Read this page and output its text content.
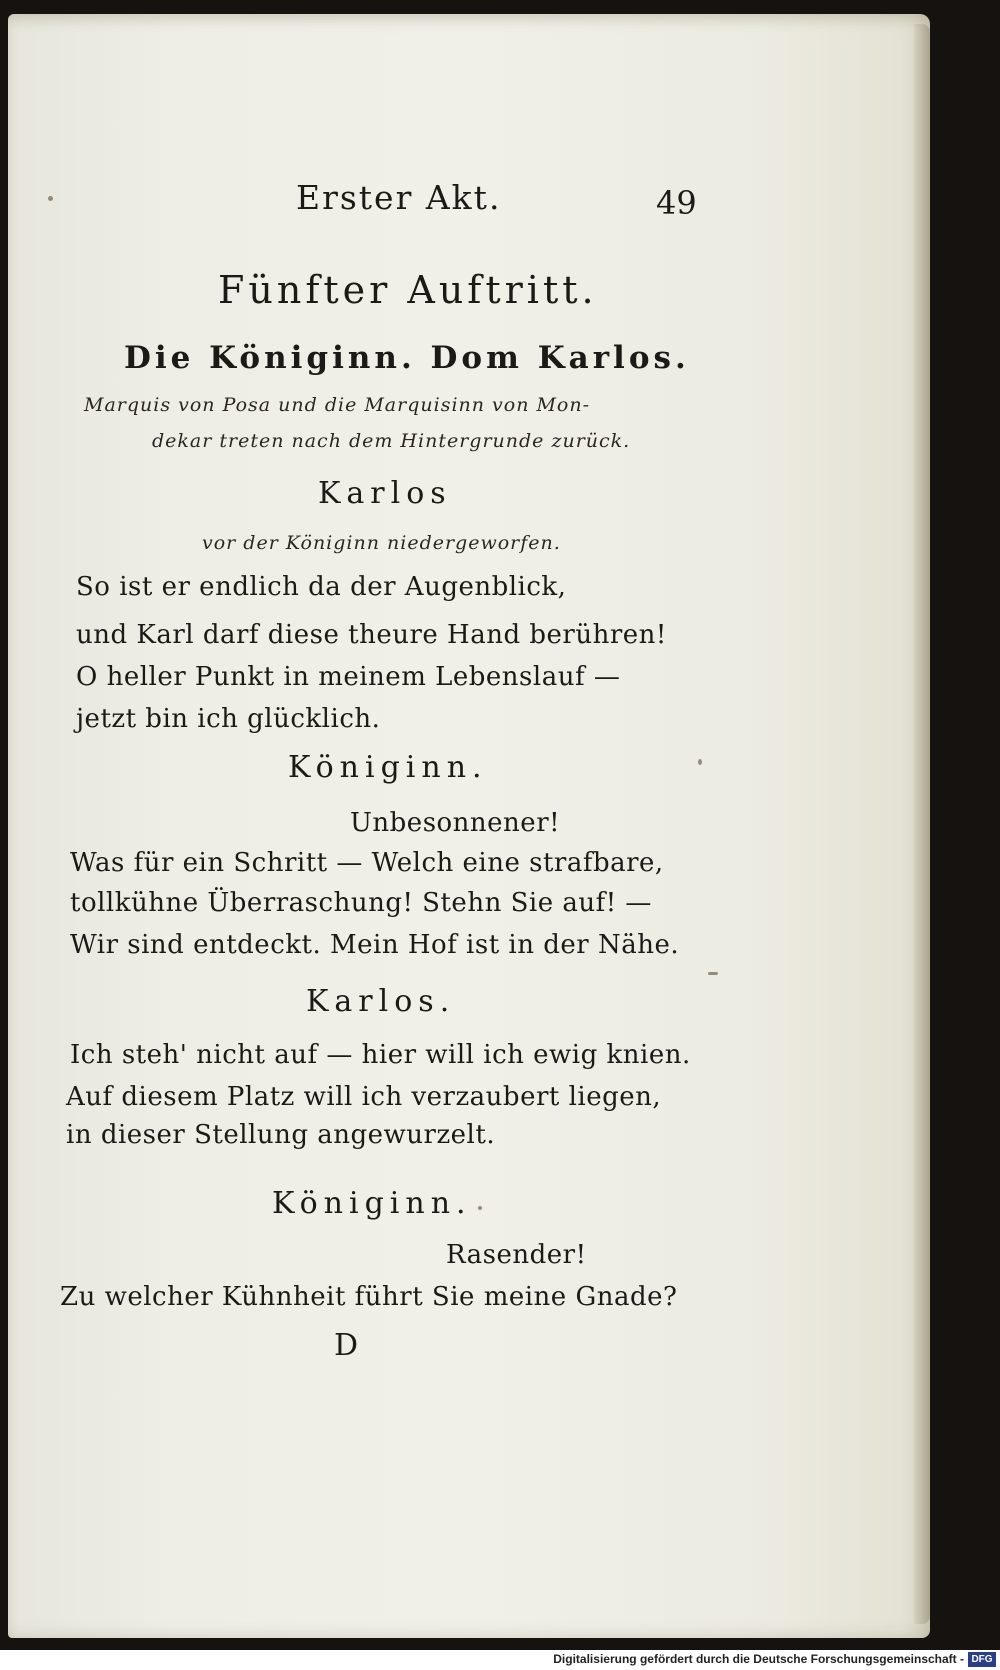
Erster Akt.	49
Fünfter Auftritt.
Die Königinn. Dom Karlos.
Marquis von Posa und die Marquisinn von Mon-
dekar treten nach dem Hintergrunde zurück.
Karlos
vor der Königinn niedergeworfen.
So ist er endlich da der Augenblick,
und Karl darf diese theure Hand berühren!
O heller Punkt in meinem Lebenslauf —
jetzt bin ich glücklich.
Königinn.
Unbesonnener!
Was für ein Schritt — Welch eine strafbare,
tollkühne Überraschung! Stehn Sie auf! —
Wir sind entdeckt. Mein Hof ist in der Nähe.
Karlos.
Ich steh' nicht auf — hier will ich ewig knien.
Auf diesem Platz will ich verzaubert liegen,
in dieser Stellung angewurzelt.
Königinn.
Rasender!
Zu welcher Kühnheit führt Sie meine Gnade?
D
Digitalisierung gefördert durch die Deutsche Forschungsgemeinschaft - DFG
